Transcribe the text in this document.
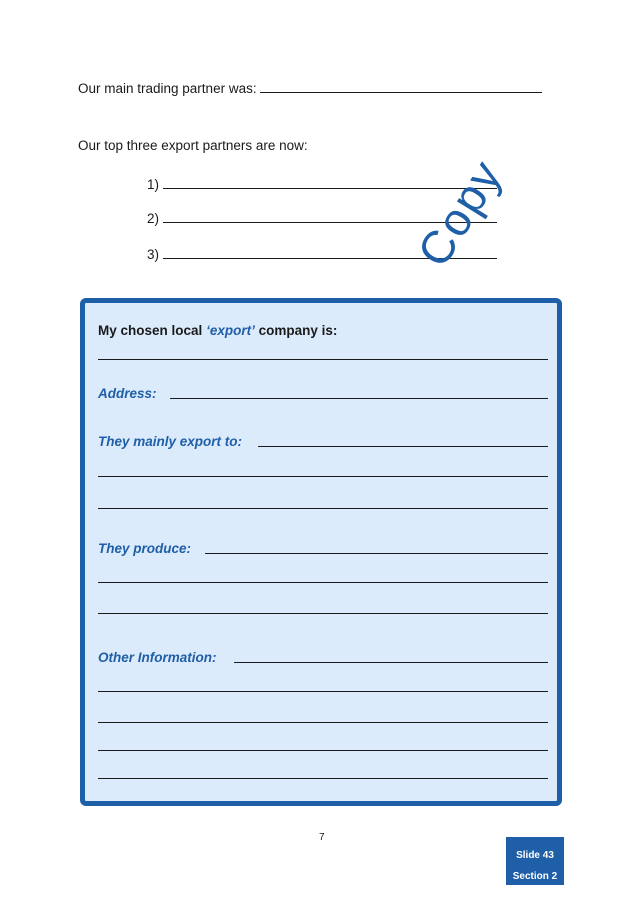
Our main trading partner was:
Our top three export partners are now:
1)
2)
3)	Copy
My chosen local ‘export’ company is:
Address:
They mainly export to:
They produce:
Other Information:
7
Slide 43
Section 2
